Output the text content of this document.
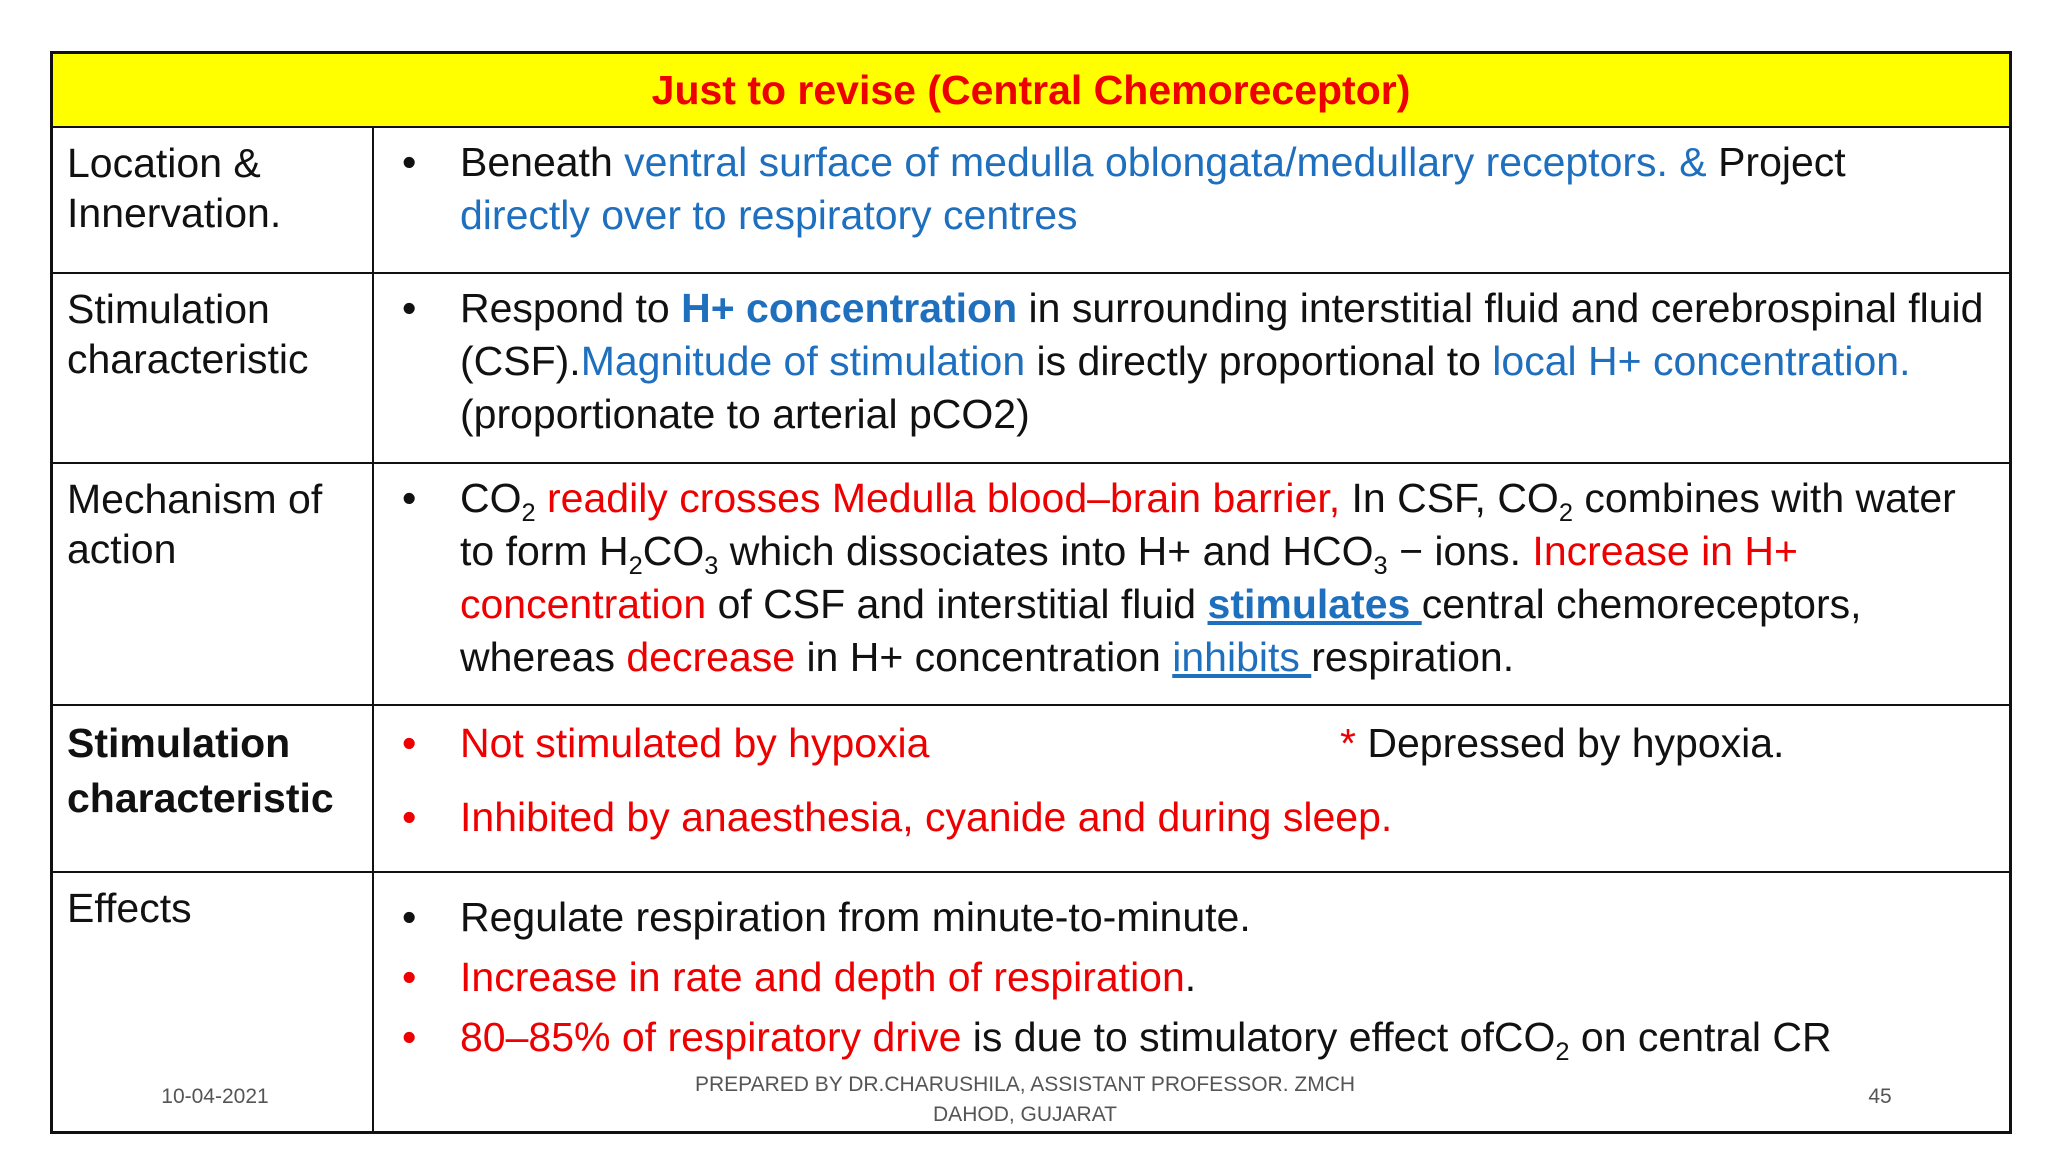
Just to revise (Central Chemoreceptor)
Location & Innervation.
•	Beneath ventral surface of medulla oblongata/medullary receptors. & Project directly over to respiratory centres
Stimulation characteristic
•	Respond to H+ concentration in surrounding interstitial fluid and cerebrospinal fluid (CSF).Magnitude of stimulation is directly proportional to local H+ concentration.(proportionate to arterial pCO2)
Mechanism of action
•	$CO_2$ readily crosses Medulla blood–brain barrier, In CSF, $CO_2$ combines with water to form $H_2CO_3$ which dissociates into H+ and $HCO_3$ − ions. Increase in H+ concentration of CSF and interstitial fluid stimulates central chemoreceptors, whereas decrease in H+ concentration inhibits respiration.
Stimulation characteristic
•	Not stimulated by hypoxia	* Depressed by hypoxia.
•	Inhibited by anaesthesia, cyanide and during sleep.
Effects	•	Regulate respiration from minute-to-minute.
•	Increase in rate and depth of respiration.
•	80–85% of respiratory drive is due to stimulatory effect ofCO$_2$ on central CR
10-04-2021
PREPARED BY DR.CHARUSHILA, ASSISTANT PROFESSOR. ZMCH
DAHOD, GUJARAT
45
